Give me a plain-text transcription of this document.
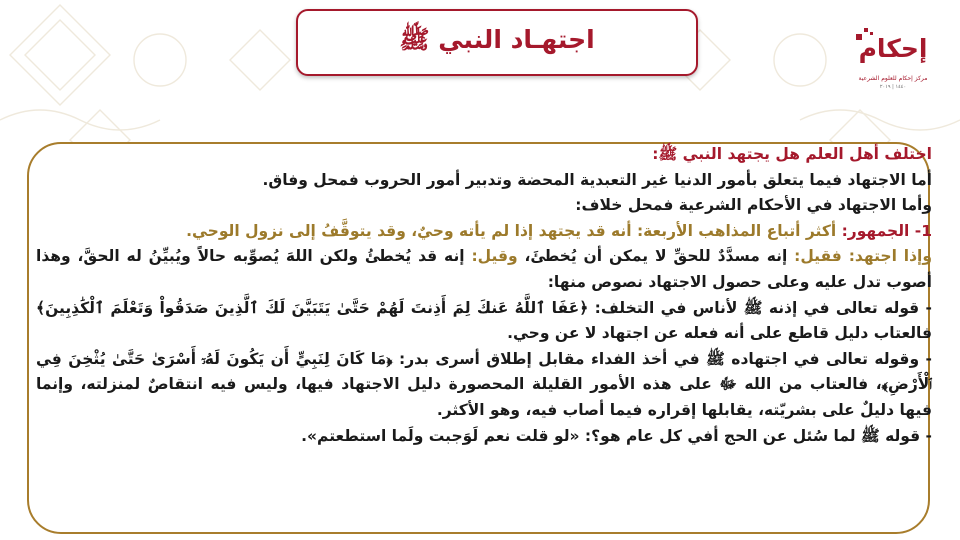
اجتهـاد النبي ﷺ	إحكام
مركز إحكام للعلوم الشرعية
١٤٤٠ | ٢٠١٩

اختلف أهل العلم هل يجتهد النبي ﷺ:

أما الاجتهاد فيما يتعلق بأمور الدنيا غير التعبدية المحضة وتدبير أمور الحروب فمحل وفاق.

وأما الاجتهاد في الأحكام الشرعية فمحل خلاف:

1- الجمهور: أكثر أتباع المذاهب الأربعة: أنه قد يجتهد إذا لم يأته وحيٌ، وقد يتوقَّفُ إلى نزول الوحي.

وإذا اجتهد: فقيل: إنه مسدَّدٌ للحقِّ لا يمكن أن يُخطئَ، وقيل: إنه قد يُخطئُ ولكن اللهَ يُصوِّبه حالاً ويُبيِّنُ له الحقَّ، وهذا أصوب تدل عليه وعلى حصول الاجتهاد نصوص منها:

- قوله تعالى في إذنه ﷺ لأناس في التخلف: ﴿عَفَا ٱللَّهُ عَنكَ لِمَ أَذِنتَ لَهُمْ حَتَّىٰ يَتَبَيَّنَ لَكَ ٱلَّذِينَ صَدَقُواْ وَتَعْلَمَ ٱلْكَٰذِبِينَ﴾ فالعتاب دليل قاطع على أنه فعله عن اجتهاد لا عن وحي.

- وقوله تعالى في اجتهاده ﷺ في أخذ الفداء مقابل إطلاق أسرى بدر: ﴿مَا كَانَ لِنَبِيٍّ أَن يَكُونَ لَهُۥٓ أَسْرَىٰ حَتَّىٰ يُثْخِنَ فِي ٱلْأَرْضِ﴾، فالعتاب من الله ﷻ على هذه الأمور القليلة المحصورة دليل الاجتهاد فيها، وليس فيه انتقاصٌ لمنزلته، وإنما فيها دليلٌ على بشريّته، يقابلها إقراره فيما أصاب فيه، وهو الأكثر.

- قوله ﷺ لما سُئل عن الحج أفي كل عام هو؟: «لو قلت نعم لَوَجبت ولَما استطعتم».
